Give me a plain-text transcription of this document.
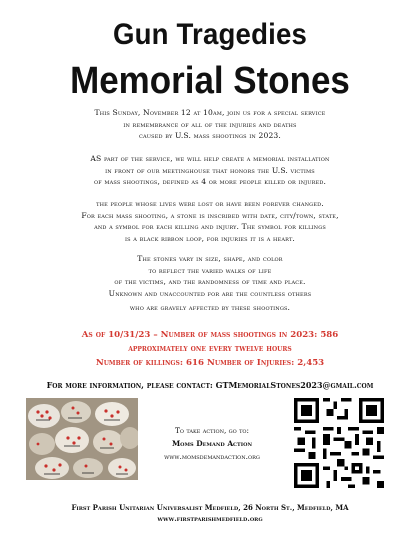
Gun Tragedies
Memorial Stones
This Sunday, November 12 at 10am, join us for a special service
in remembrance of all of the injuries and deaths
caused by U.S. mass shootings in 2023.
AS part of the service, we will help create a memorial installation
in front of our meetinghouse that honors the U.S. victims
of mass shootings, defined as 4 or more people killed or injured.
the people whose lives were lost or have been forever changed.
For each mass shooting, a stone is inscribed with date, city/town, state,
and a symbol for each killing and injury. The symbol for killings
is a black ribbon loop, for injuries it is a heart.
The stones vary in size, shape, and color
to reflect the varied walks of life
of the victims, and the randomness of time and place.
Unknown and unaccounted for are the countless others
who are gravely affected by these shootings.
As of 10/31/23 – Number of mass shootings in 2023: 586
approximately one every twelve hours
Number of killings: 616 Number of Injuries: 2,453
For more information, please contact: GTMemorialStones2023@gmail.com
To take action, go to:
Moms Demand Action
www.momsdemandaction.org
First Parish Unitarian Universalist Medfield, 26 North St., Medfield, MA
www.firstparishmedfield.org
